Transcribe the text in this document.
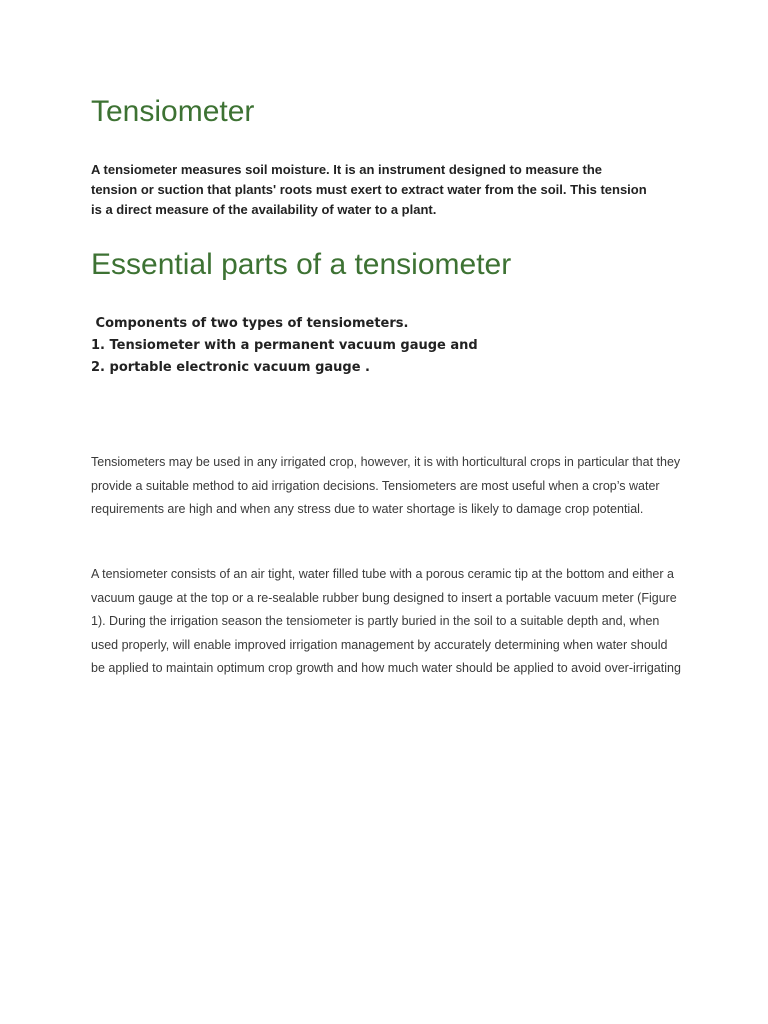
Tensiometer

A tensiometer measures soil moisture. It is an instrument designed to measure the tension or suction that plants' roots must exert to extract water from the soil. This tension is a direct measure of the availability of water to a plant.

Essential parts of a tensiometer
Components of two types of tensiometers.
1. Tensiometer with a permanent vacuum gauge and
2. portable electronic vacuum gauge .

Tensiometers may be used in any irrigated crop, however, it is with horticultural crops in particular that they provide a suitable method to aid irrigation decisions. Tensiometers are most useful when a crop’s water requirements are high and when any stress due to water shortage is likely to damage crop potential.

A tensiometer consists of an air tight, water filled tube with a porous ceramic tip at the bottom and either a vacuum gauge at the top or a re-sealable rubber bung designed to insert a portable vacuum meter (Figure 1). During the irrigation season the tensiometer is partly buried in the soil to a suitable depth and, when used properly, will enable improved irrigation management by accurately determining when water should be applied to maintain optimum crop growth and how much water should be applied to avoid over-irrigating
